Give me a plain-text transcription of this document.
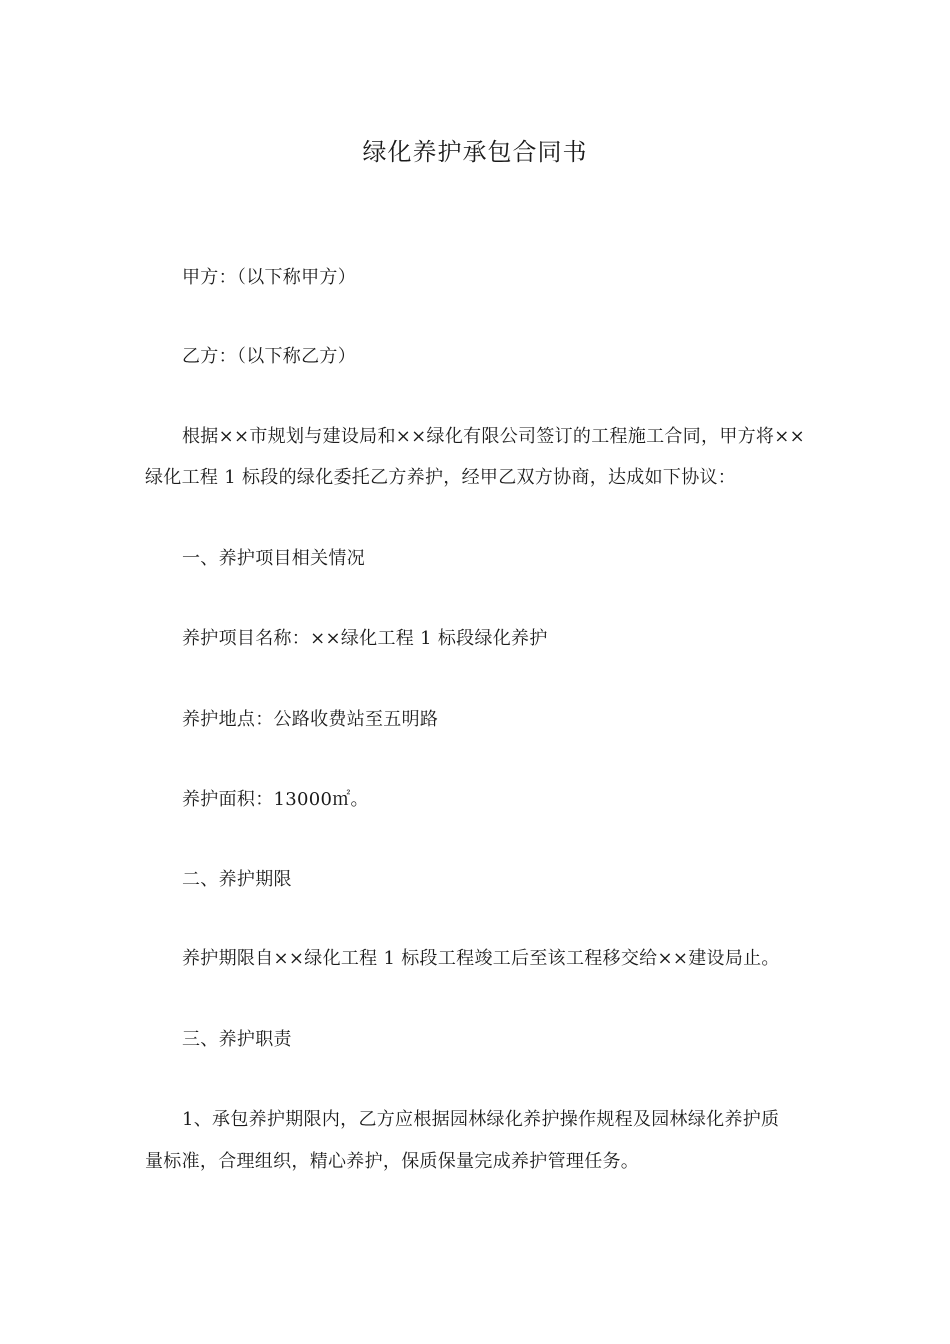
绿化养护承包合同书
甲方：（以下称甲方）
乙方：（以下称乙方）
根据××市规划与建设局和××绿化有限公司签订的工程施工合同，甲方将××
绿化工程 1 标段的绿化委托乙方养护，经甲乙双方协商，达成如下协议：
一、养护项目相关情况
养护项目名称：××绿化工程 1 标段绿化养护
养护地点：公路收费站至五明路
养护面积：13000㎡。
二、养护期限
养护期限自××绿化工程 1 标段工程竣工后至该工程移交给××建设局止。
三、养护职责
1、承包养护期限内，乙方应根据园林绿化养护操作规程及园林绿化养护质
量标准，合理组织，精心养护，保质保量完成养护管理任务。
